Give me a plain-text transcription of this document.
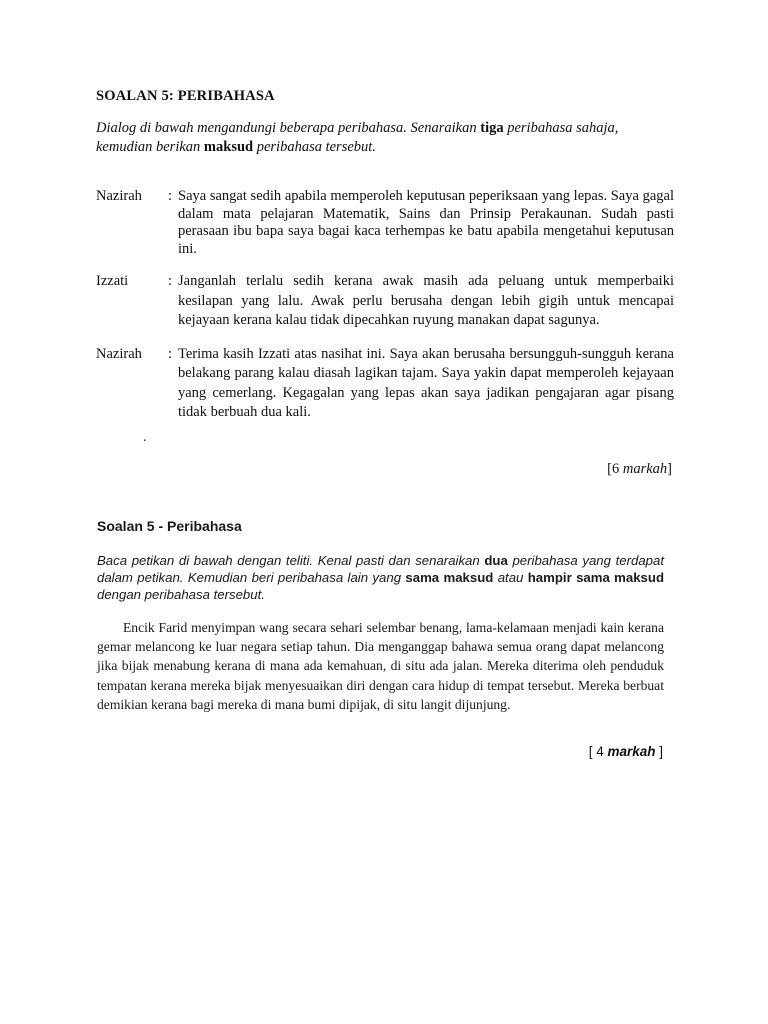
SOALAN 5: PERIBAHASA

Dialog di bawah mengandungi beberapa peribahasa. Senaraikan tiga peribahasa sahaja, kemudian berikan maksud peribahasa tersebut.

Nazirah	: Saya sangat sedih apabila memperoleh keputusan peperiksaan yang lepas. Saya gagal dalam mata pelajaran Matematik, Sains dan Prinsip Perakaunan. Sudah pasti perasaan ibu bapa saya bagai kaca terhempas ke batu apabila mengetahui keputusan ini.
Izzati	: Janganlah terlalu sedih kerana awak masih ada peluang untuk memperbaiki kesilapan yang lalu. Awak perlu berusaha dengan lebih gigih untuk mencapai kejayaan kerana kalau tidak dipecahkan ruyung manakan dapat sagunya.
Nazirah	: Terima kasih Izzati atas nasihat ini. Saya akan berusaha bersungguh-sungguh kerana belakang parang kalau diasah lagikan tajam. Saya yakin dapat memperoleh kejayaan yang cemerlang. Kegagalan yang lepas akan saya jadikan pengajaran agar pisang tidak berbuah dua kali.
.
[6 markah]

Soalan 5 - Peribahasa

Baca petikan di bawah dengan teliti. Kenal pasti dan senaraikan dua peribahasa yang terdapat dalam petikan. Kemudian beri peribahasa lain yang sama maksud atau hampir sama maksud dengan peribahasa tersebut.

Encik Farid menyimpan wang secara sehari selembar benang, lama-kelamaan menjadi kain kerana gemar melancong ke luar negara setiap tahun. Dia menganggap bahawa semua orang dapat melancong jika bijak menabung kerana di mana ada kemahuan, di situ ada jalan. Mereka diterima oleh penduduk tempatan kerana mereka bijak menyesuaikan diri dengan cara hidup di tempat tersebut. Mereka berbuat demikian kerana bagi mereka di mana bumi dipijak, di situ langit dijunjung.

[ 4 markah ]
